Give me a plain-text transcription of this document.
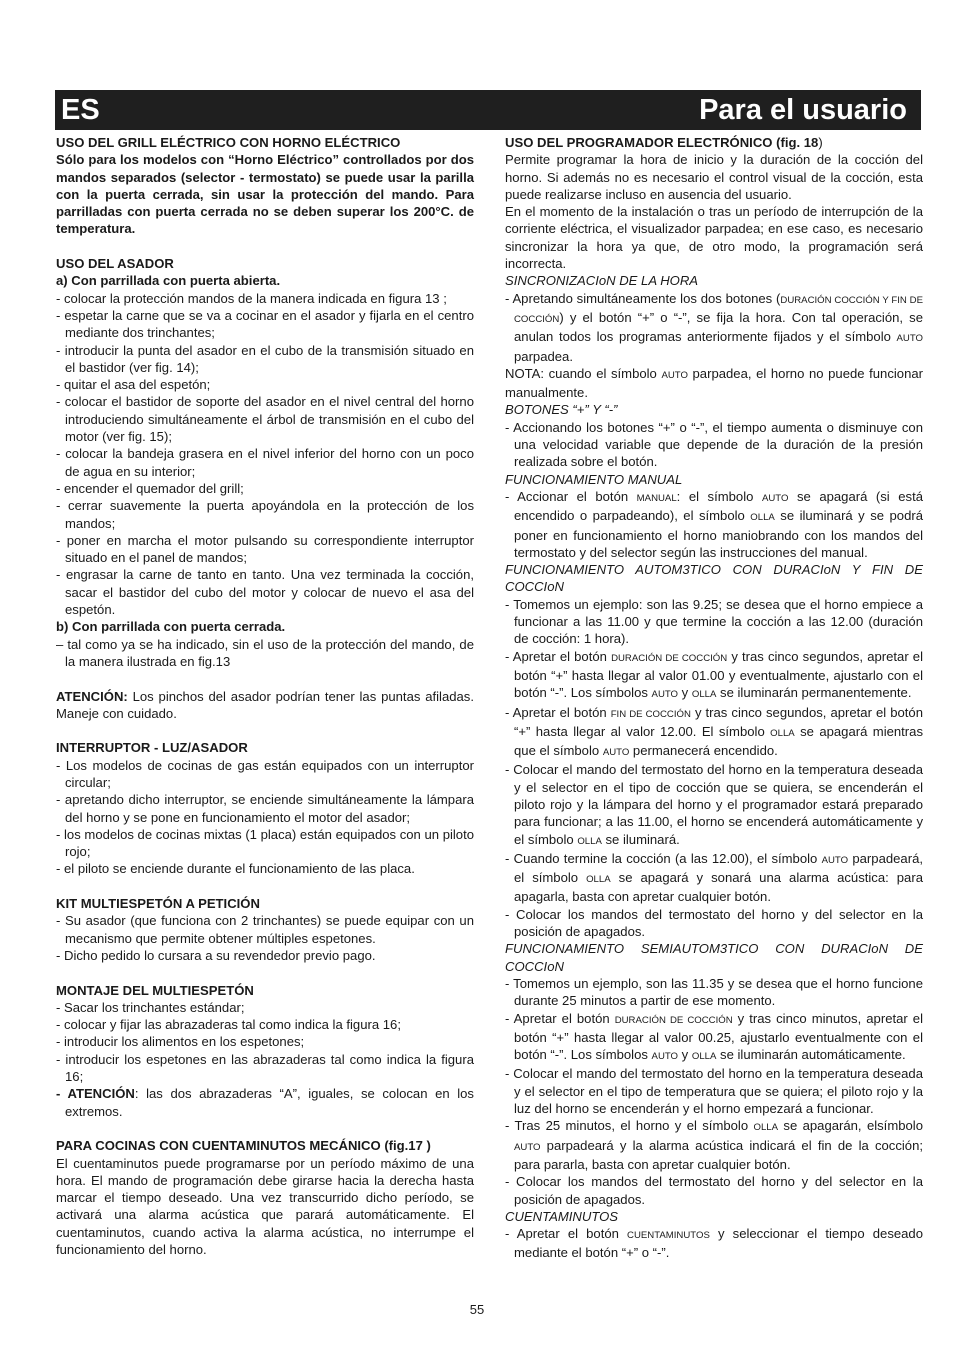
ES	Para el usuario

USO DEL GRILL ELÉCTRICO CON HORNO ELÉCTRICO

Sólo para los modelos con “Horno Eléctrico” controllados por dos mandos separados (selector - termostato) se puede usar la parilla con la puerta cerrada, sin usar la protección del mando. Para parrilladas con puerta cerrada no se deben superar los 200°C. de temperatura.

USO DEL ASADOR

a) Con parrillada con puerta abierta.

- colocar la protección mandos de la manera indicada en figura 13 ;

- espetar la carne que se va a cocinar en el asador y fijarla en el centro mediante dos trinchantes;

- introducir la punta del asador en el cubo de la transmisión situado en el bastidor (ver fig. 14);

- quitar el asa del espetón;

- colocar el bastidor de soporte del asador en el nivel central del horno introduciendo simultáneamente el árbol de transmisión en el cubo del motor (ver fig. 15);

- colocar la bandeja grasera en el nivel inferior del horno con un poco de agua en su interior;

- encender el quemador del grill;

- cerrar suavemente la puerta apoyándola en la protección de los mandos;

- poner en marcha el motor pulsando su correspondiente interruptor situado en el panel de mandos;

- engrasar la carne de tanto en tanto. Una vez terminada la cocción, sacar el bastidor del cubo del motor y colocar de nuevo el asa del espetón.

b) Con parrillada con puerta cerrada.

– tal como ya se ha indicado, sin el uso de la protección del mando, de la manera ilustrada en fig.13

ATENCIÓN: Los pinchos del asador podrían tener las puntas afiladas. Maneje con cuidado.

INTERRUPTOR - LUZ/ASADOR

- Los modelos de cocinas de gas están equipados con un interruptor circular;

- apretando dicho interruptor, se enciende simultáneamente la lámpara del horno y se pone en funcionamiento el motor del asador;

- los modelos de cocinas mixtas (1 placa) están equipados con un piloto rojo;

- el piloto se enciende durante el funcionamiento de las placa.

KIT MULTIESPETÓN A PETICIÓN

- Su asador (que funciona con 2 trinchantes) se puede equipar con un mecanismo que permite obtener múltiples espetones.

- Dicho pedido lo cursara a su revendedor previo pago.

MONTAJE DEL MULTIESPETÓN

- Sacar los trinchantes estándar;

- colocar y fijar las abrazaderas tal como indica la figura 16;

- introducir los alimentos en los espetones;

- introducir los espetones en las abrazaderas tal como indica la figura 16;

- ATENCIÓN: las dos abrazaderas “A”, iguales, se colocan en los extremos.

PARA COCINAS CON CUENTAMINUTOS MECÁNICO (fig.17 )

El cuentaminutos puede programarse por un período máximo de una hora. El mando de programación debe girarse hacia la derecha hasta marcar el tiempo deseado. Una vez transcurrido dicho período, se activará una alarma acústica que parará automáticamente. El cuentaminutos, cuando activa la alarma acústica, no interrumpe el funcionamiento del horno.

USO DEL PROGRAMADOR ELECTRÓNICO (fig. 18)

Permite programar la hora de inicio y la duración de la cocción del horno. Si además no es necesario el control visual de la cocción, esta puede realizarse incluso en ausencia del usuario.

En el momento de la instalación o tras un período de interrupción de la corriente eléctrica, el visualizador parpadea; en ese caso, es necesario sincronizar la hora ya que, de otro modo, la programación será incorrecta.

SINCRONIZACIoN DE LA HORA

- Apretando simultáneamente los dos botones (DURACIÓN COCCIÓN Y FIN DE COCCIÓN) y el botón “+” o “-”, se fija la hora. Con tal operación, se anulan todos los programas anteriormente fijados y el símbolo AUTO parpadea.

NOTA: cuando el símbolo AUTO parpadea, el horno no puede funcionar manualmente.

BOTONES “+” Y “-”

- Accionando los botones “+” o “-”, el tiempo aumenta o disminuye con una velocidad variable que depende de la duración de la presión realizada sobre el botón.

FUNCIONAMIENTO MANUAL

- Accionar el botón MANUAL: el símbolo AUTO se apagará (si está encendido o parpadeando), el símbolo OLLA se iluminará y se podrá poner en funcionamiento el horno maniobrando con los mandos del termostato y del selector según las instrucciones del manual.

FUNCIONAMIENTO AUTOM3TICO CON DURACIoN Y FIN DE COCCIoN

- Tomemos un ejemplo: son las 9.25; se desea que el horno empiece a funcionar a las 11.00 y que termine la cocción a las 12.00 (duración de cocción: 1 hora).

- Apretar el botón DURACIÓN DE COCCIÓN y tras cinco segundos, apretar el botón “+” hasta llegar al valor 01.00 y eventualmente, ajustarlo con el botón “-”. Los símbolos AUTO y OLLA se iluminarán permanentemente.

- Apretar el botón FIN DE COCCIÓN y tras cinco segundos, apretar el botón “+” hasta llegar al valor 12.00. El símbolo OLLA se apagará mientras que el símbolo AUTO permanecerá encendido.

- Colocar el mando del termostato del horno en la temperatura deseada y el selector en el tipo de cocción que se quiera, se encenderán el piloto rojo y la lámpara del horno y el programador estará preparado para funcionar; a las 11.00, el horno se encenderá automáticamente y el símbolo OLLA se iluminará.

- Cuando termine la cocción (a las 12.00), el símbolo AUTO parpadeará, el símbolo OLLA se apagará y sonará una alarma acústica: para apagarla, basta con apretar cualquier botón.

- Colocar los mandos del termostato del horno y del selector en la posición de apagados.

FUNCIONAMIENTO SEMIAUTOM3TICO CON DURACIoN DE COCCIoN

- Tomemos un ejemplo, son las 11.35 y se desea que el horno funcione durante 25 minutos a partir de ese momento.

- Apretar el botón DURACIÓN DE COCCIÓN y tras cinco minutos, apretar el botón “+” hasta llegar al valor 00.25, ajustarlo eventualmente con el botón “-”. Los símbolos AUTO y OLLA se iluminarán automáticamente.

- Colocar el mando del termostato del horno en la temperatura deseada y el selector en el tipo de temperatura que se quiera; el piloto rojo y la luz del horno se encenderán y el horno empezará a funcionar.

- Tras 25 minutos, el horno y el símbolo OLLA se apagarán, elsímbolo AUTO parpadeará y la alarma acústica indicará el fin de la cocción; para pararla, basta con apretar cualquier botón.

- Colocar los mandos del termostato del horno y del selector en la posición de apagados.

CUENTAMINUTOS

- Apretar el botón CUENTAMINUTOS y seleccionar el tiempo deseado mediante el botón “+” o “-”.

55
